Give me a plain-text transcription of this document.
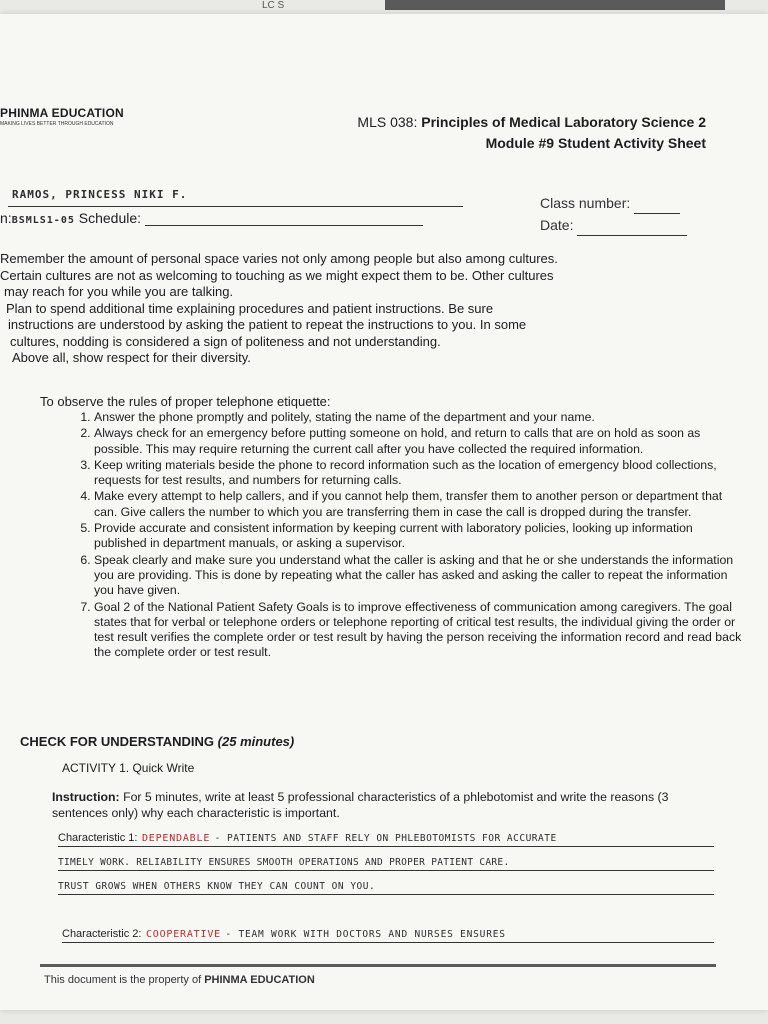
LC S
PHINMA EDUCATION
MAKING LIVES BETTER THROUGH EDUCATION	MLS 038: Principles of Medical Laboratory Science 2
Module #9 Student Activity Sheet
RAMOS, PRINCESS NIKI F.
n:BSMLS1-05 Schedule:
Class number:
Date:
Remember the amount of personal space varies not only among people but also among cultures.
Certain cultures are not as welcoming to touching as we might expect them to be. Other cultures
may reach for you while you are talking.
Plan to spend additional time explaining procedures and patient instructions. Be sure
instructions are understood by asking the patient to repeat the instructions to you. In some
cultures, nodding is considered a sign of politeness and not understanding.
Above all, show respect for their diversity.
To observe the rules of proper telephone etiquette:
1. Answer the phone promptly and politely, stating the name of the department and your name.
2. Always check for an emergency before putting someone on hold, and return to calls that are on hold as soon as possible. This may require returning the current call after you have collected the required information.
3. Keep writing materials beside the phone to record information such as the location of emergency blood collections, requests for test results, and numbers for returning calls.
4. Make every attempt to help callers, and if you cannot help them, transfer them to another person or department that can. Give callers the number to which you are transferring them in case the call is dropped during the transfer.
5. Provide accurate and consistent information by keeping current with laboratory policies, looking up information published in department manuals, or asking a supervisor.
6. Speak clearly and make sure you understand what the caller is asking and that he or she understands the information you are providing. This is done by repeating what the caller has asked and asking the caller to repeat the information you have given.
7. Goal 2 of the National Patient Safety Goals is to improve effectiveness of communication among caregivers. The goal states that for verbal or telephone orders or telephone reporting of critical test results, the individual giving the order or test result verifies the complete order or test result by having the person receiving the information record and read back the complete order or test result.
CHECK FOR UNDERSTANDING (25 minutes)
ACTIVITY 1. Quick Write
Instruction: For 5 minutes, write at least 5 professional characteristics of a phlebotomist and write the reasons (3 sentences only) why each characteristic is important.
Characteristic 1: DEPENDABLE - PATIENTS AND STAFF RELY ON PHLEBOTOMISTS FOR ACCURATE
TIMELY WORK. RELIABILITY ENSURES SMOOTH OPERATIONS AND PROPER PATIENT CARE.
TRUST GROWS WHEN OTHERS KNOW THEY CAN COUNT ON YOU.
Characteristic 2: COOPERATIVE - TEAM WORK WITH DOCTORS AND NURSES ENSURES
This document is the property of PHINMA EDUCATION
